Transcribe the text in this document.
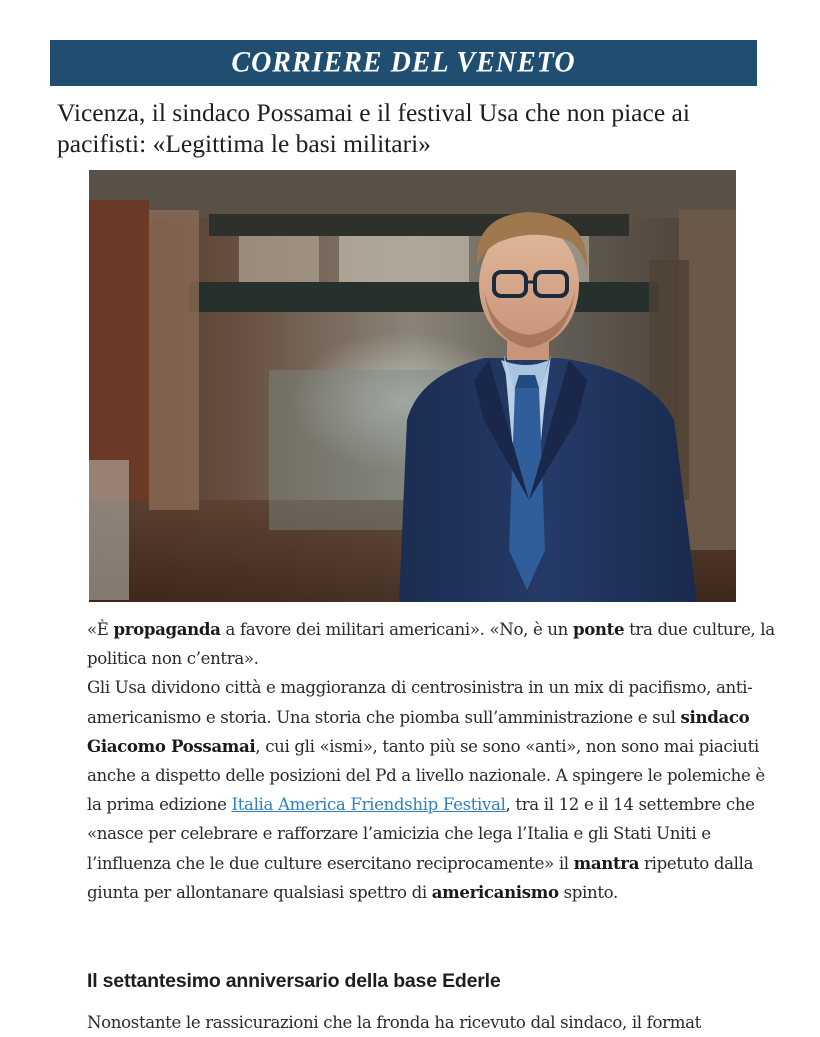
CORRIERE DEL VENETO
Vicenza, il sindaco Possamai e il festival Usa che non piace ai pacifisti: «Legittima le basi militari»

«È propaganda a favore dei militari americani». «No, è un ponte tra due culture, la politica non c’entra».

Gli Usa dividono città e maggioranza di centrosinistra in un mix di pacifismo, anti-americanismo e storia. Una storia che piomba sull’amministrazione e sul sindaco Giacomo Possamai, cui gli «ismi», tanto più se sono «anti», non sono mai piaciuti anche a dispetto delle posizioni del Pd a livello nazionale. A spingere le polemiche è la prima edizione Italia America Friendship Festival, tra il 12 e il 14 settembre che «nasce per celebrare e rafforzare l’amicizia che lega l’Italia e gli Stati Uniti e l’influenza che le due culture esercitano reciprocamente» il mantra ripetuto dalla giunta per allontanare qualsiasi spettro di americanismo spinto.

Il settantesimo anniversario della base Ederle
Nonostante le rassicurazioni che la fronda ha ricevuto dal sindaco, il format
